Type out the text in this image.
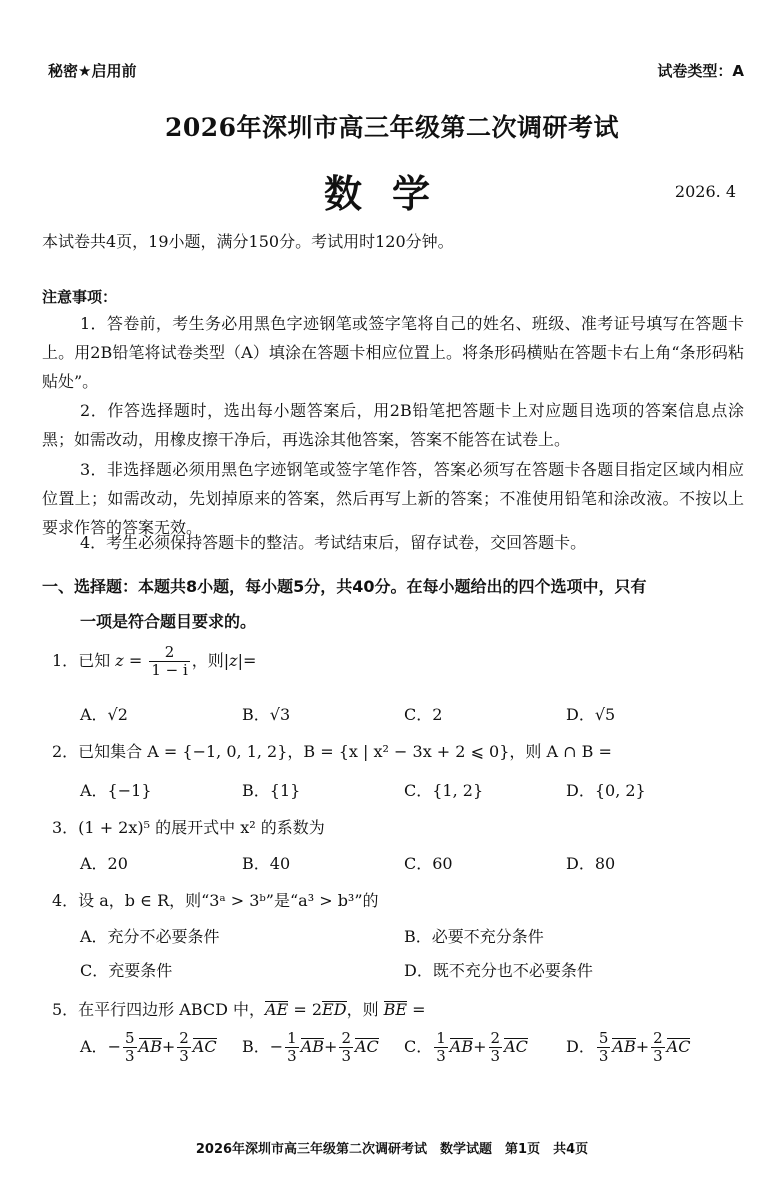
秘密★启用前	试卷类型：A
2026年深圳市高三年级第二次调研考试
数学	2026. 4
本试卷共4页，19小题，满分150分。考试用时120分钟。
注意事项：
1．答卷前，考生务必用黑色字迹钢笔或签字笔将自己的姓名、班级、准考证号填写在答题卡上。用2B铅笔将试卷类型（A）填涂在答题卡相应位置上。将条形码横贴在答题卡右上角“条形码粘贴处”。
2．作答选择题时，选出每小题答案后，用2B铅笔把答题卡上对应题目选项的答案信息点涂黑；如需改动，用橡皮擦干净后，再选涂其他答案，答案不能答在试卷上。
3．非选择题必须用黑色字迹钢笔或签字笔作答，答案必须写在答题卡各题目指定区域内相应位置上；如需改动，先划掉原来的答案，然后再写上新的答案；不准使用铅笔和涂改液。不按以上要求作答的答案无效。
4．考生必须保持答题卡的整洁。考试结束后，留存试卷，交回答题卡。
一、选择题：本题共8小题，每小题5分，共40分。在每小题给出的四个选项中，只有
一项是符合题目要求的。
1．已知 $z = \frac{2}{1 - i}$ ，则|z|=
A．√2	B．√3	C．2	D．√5
2．已知集合 A = {−1, 0, 1, 2}，B = {x | x² − 3x + 2 ⩽ 0}，则 A ∩ B =
A．{−1}	B．{1}	C．{1, 2}	D．{0, 2}
3．(1 + 2x)⁵ 的展开式中 x² 的系数为
A．20	B．40	C．60	D．80
4．设 a，b ∈ R，则“3ᵃ > 3ᵇ”是“a³ > b³”的
A．充分不必要条件	B．必要不充分条件
C．充要条件	D．既不充分也不必要条件
5．在平行四边形 ABCD 中，AE = 2ED，则 BE =
A．− $\frac{5}{3} AB+ \frac{2}{3}$ AC B．− $\frac{1}{3} AB+ \frac{2}{3}$ AC C． $\frac{1}{3} AB+ \frac{2}{3}$ AC D． $\frac{5}{3} AB+ \frac{2}{3}$ AC
2026年深圳市高三年级第二次调研考试　数学试题　第1页　共4页
